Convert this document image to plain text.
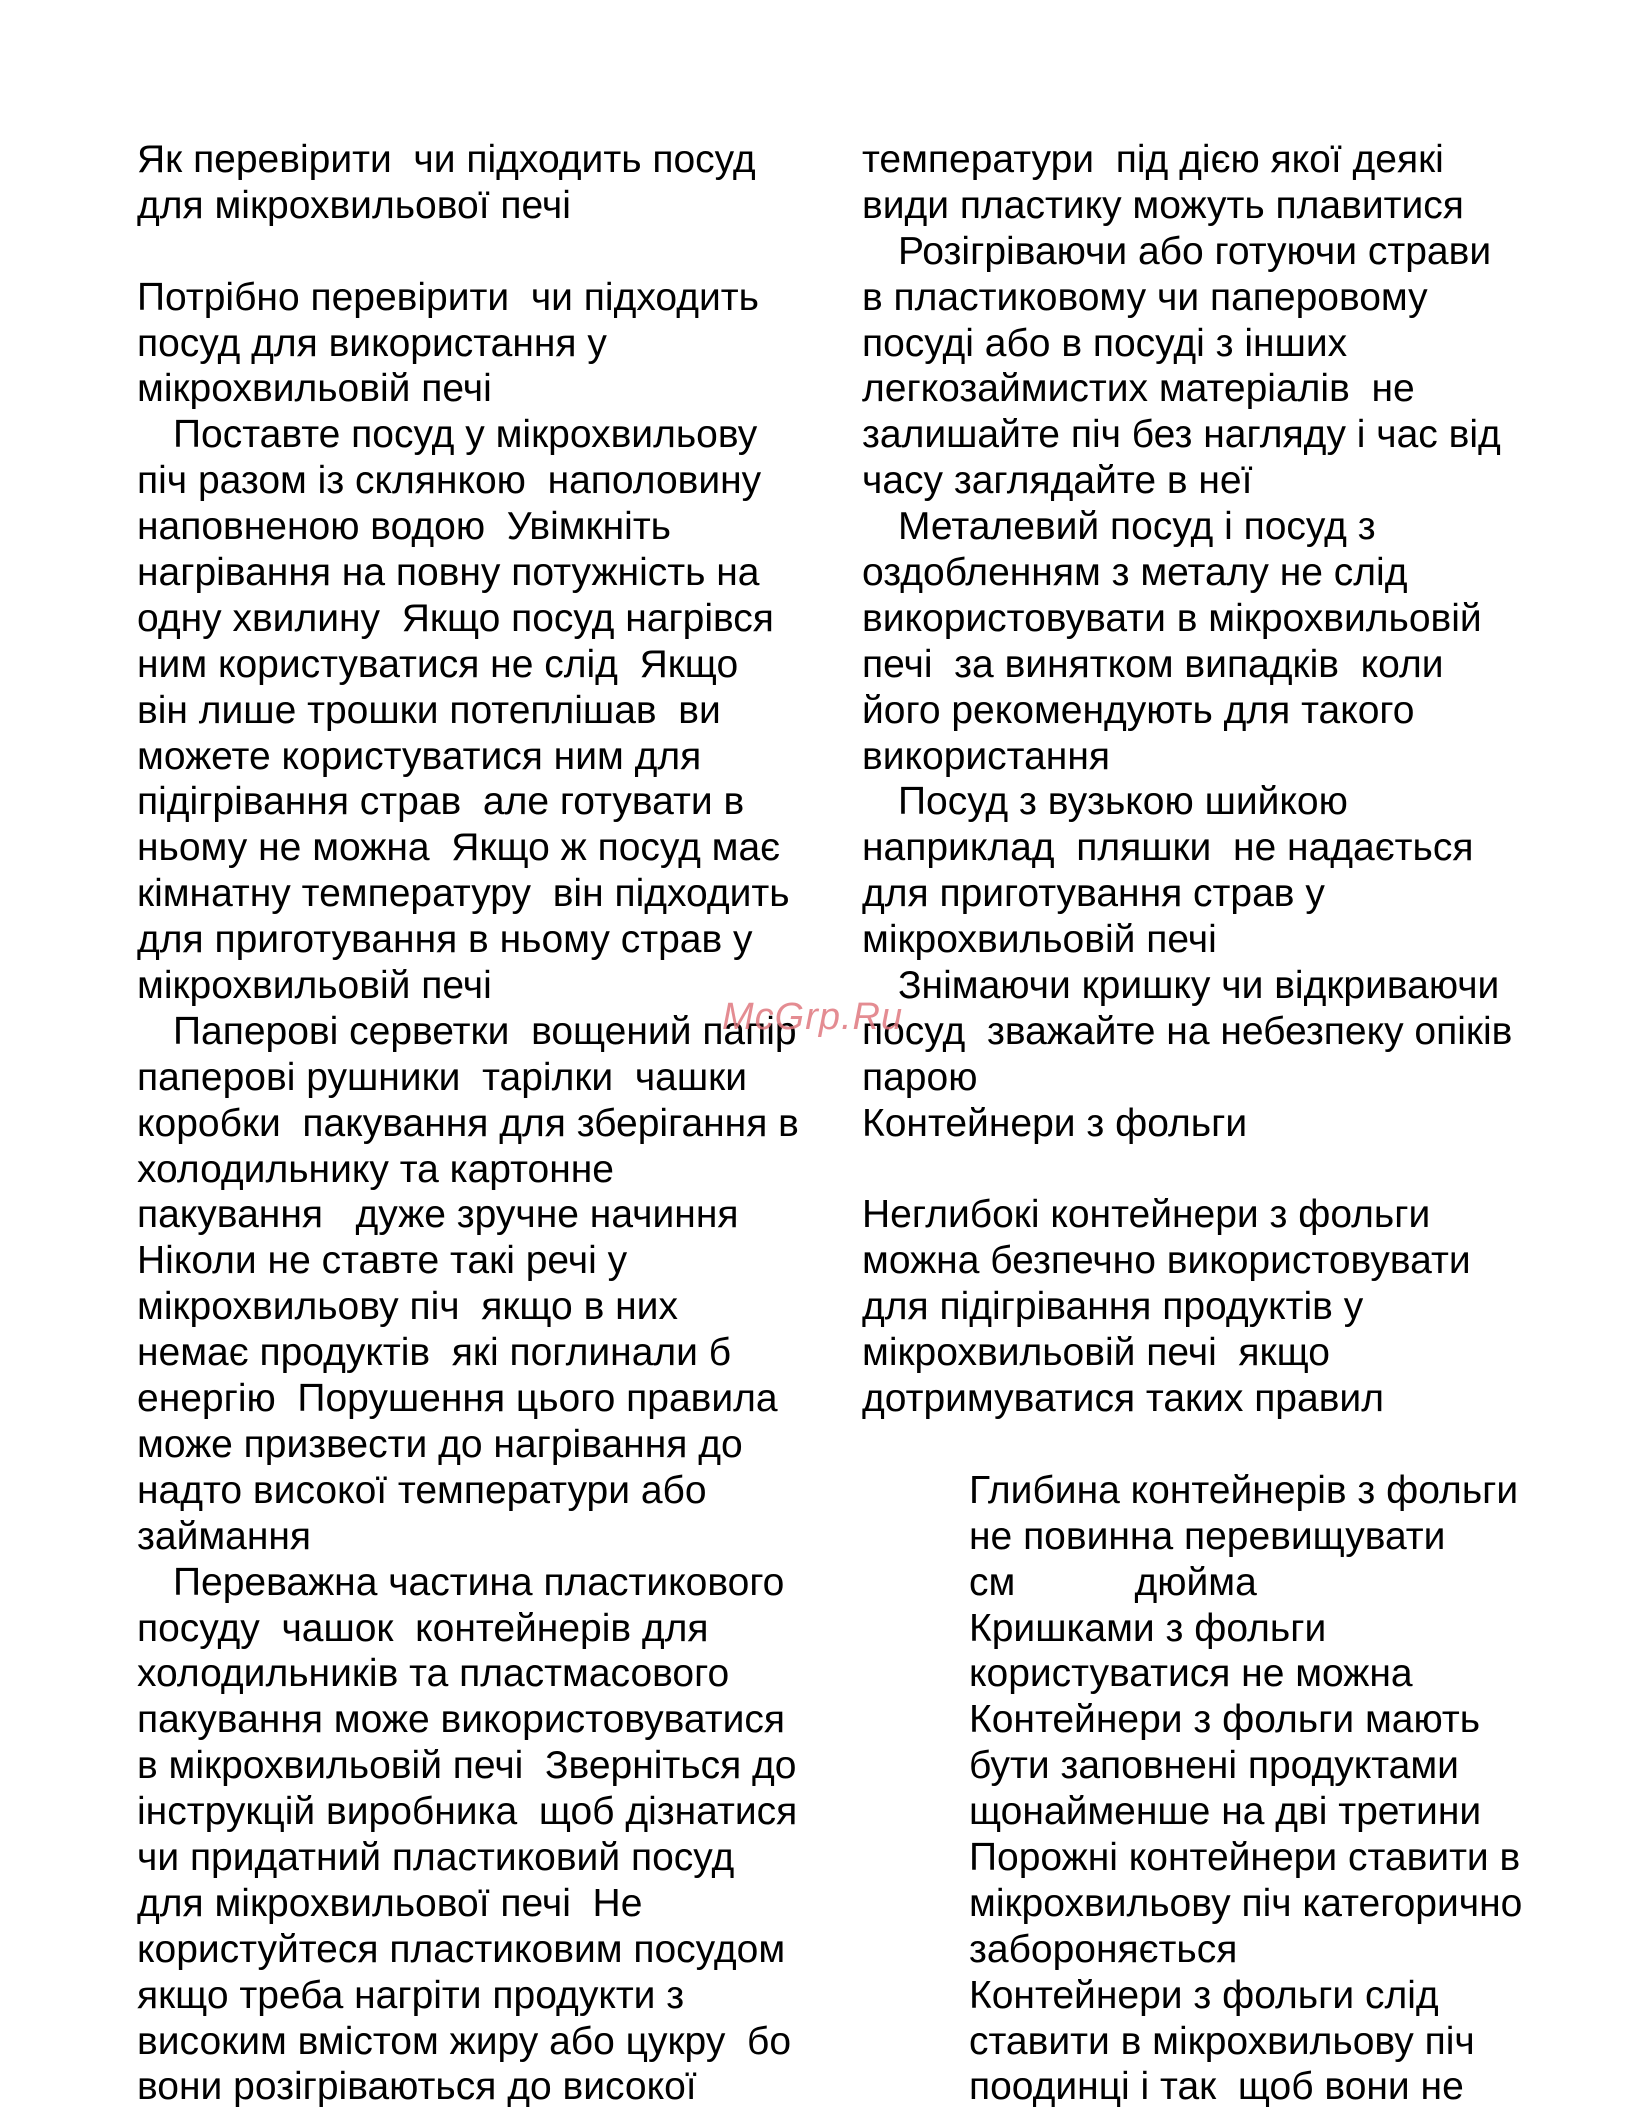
Як перевірити  чи підходить посуд
для мікрохвильової печі
Потрібно перевірити  чи підходить
посуд для використання у
мікрохвильовій печі
Поставте посуд у мікрохвильову
піч разом із склянкою  наполовину
наповненою водою  Увімкніть
нагрівання на повну потужність на
одну хвилину  Якщо посуд нагрівся
ним користуватися не слід  Якщо
він лише трошки потеплішав  ви
можете користуватися ним для
підігрівання страв  але готувати в
ньому не можна  Якщо ж посуд має
кімнатну температуру  він підходить
для приготування в ньому страв у
мікрохвильовій печі
Паперові серветки  вощений папір
паперові рушники  тарілки  чашки
коробки  пакування для зберігання в
холодильнику та картонне
пакування   дуже зручне начиння
Ніколи не ставте такі речі у
мікрохвильову піч  якщо в них
немає продуктів  які поглинали б
енергію  Порушення цього правила
може призвести до нагрівання до
надто високої температури або
займання
Переважна частина пластикового
посуду  чашок  контейнерів для
холодильників та пластмасового
пакування може використовуватися
в мікрохвильовій печі  Зверніться до
інструкцій виробника  щоб дізнатися
чи придатний пластиковий посуд
для мікрохвильової печі  Не
користуйтеся пластиковим посудом
якщо треба нагріти продукти з
високим вмістом жиру або цукру  бо
вони розігріваються до високої
температури  під дією якої деякі
види пластику можуть плавитися
Розігріваючи або готуючи страви
в пластиковому чи паперовому
посуді або в посуді з інших
легкозаймистих матеріалів  не
залишайте піч без нагляду і час від
часу заглядайте в неї
Металевий посуд і посуд з
оздобленням з металу не слід
використовувати в мікрохвильовій
печі  за винятком випадків  коли
його рекомендують для такого
використання
Посуд з вузькою шийкою
наприклад  пляшки  не надається
для приготування страв у
мікрохвильовій печі
Знімаючи кришку чи відкриваючи
посуд  зважайте на небезпеку опіків
парою
Контейнери з фольги
Неглибокі контейнери з фольги
можна безпечно використовувати
для підігрівання продуктів у
мікрохвильовій печі  якщо
дотримуватися таких правил
Глибина контейнерів з фольги
не повинна перевищувати
см           дюйма
Кришками з фольги
користуватися не можна
Контейнери з фольги мають
бути заповнені продуктами
щонайменше на дві третини
Порожні контейнери ставити в
мікрохвильову піч категорично
забороняється
Контейнери з фольги слід
ставити в мікрохвильову піч
поодинці і так  щоб вони не
McGrp.Ru
